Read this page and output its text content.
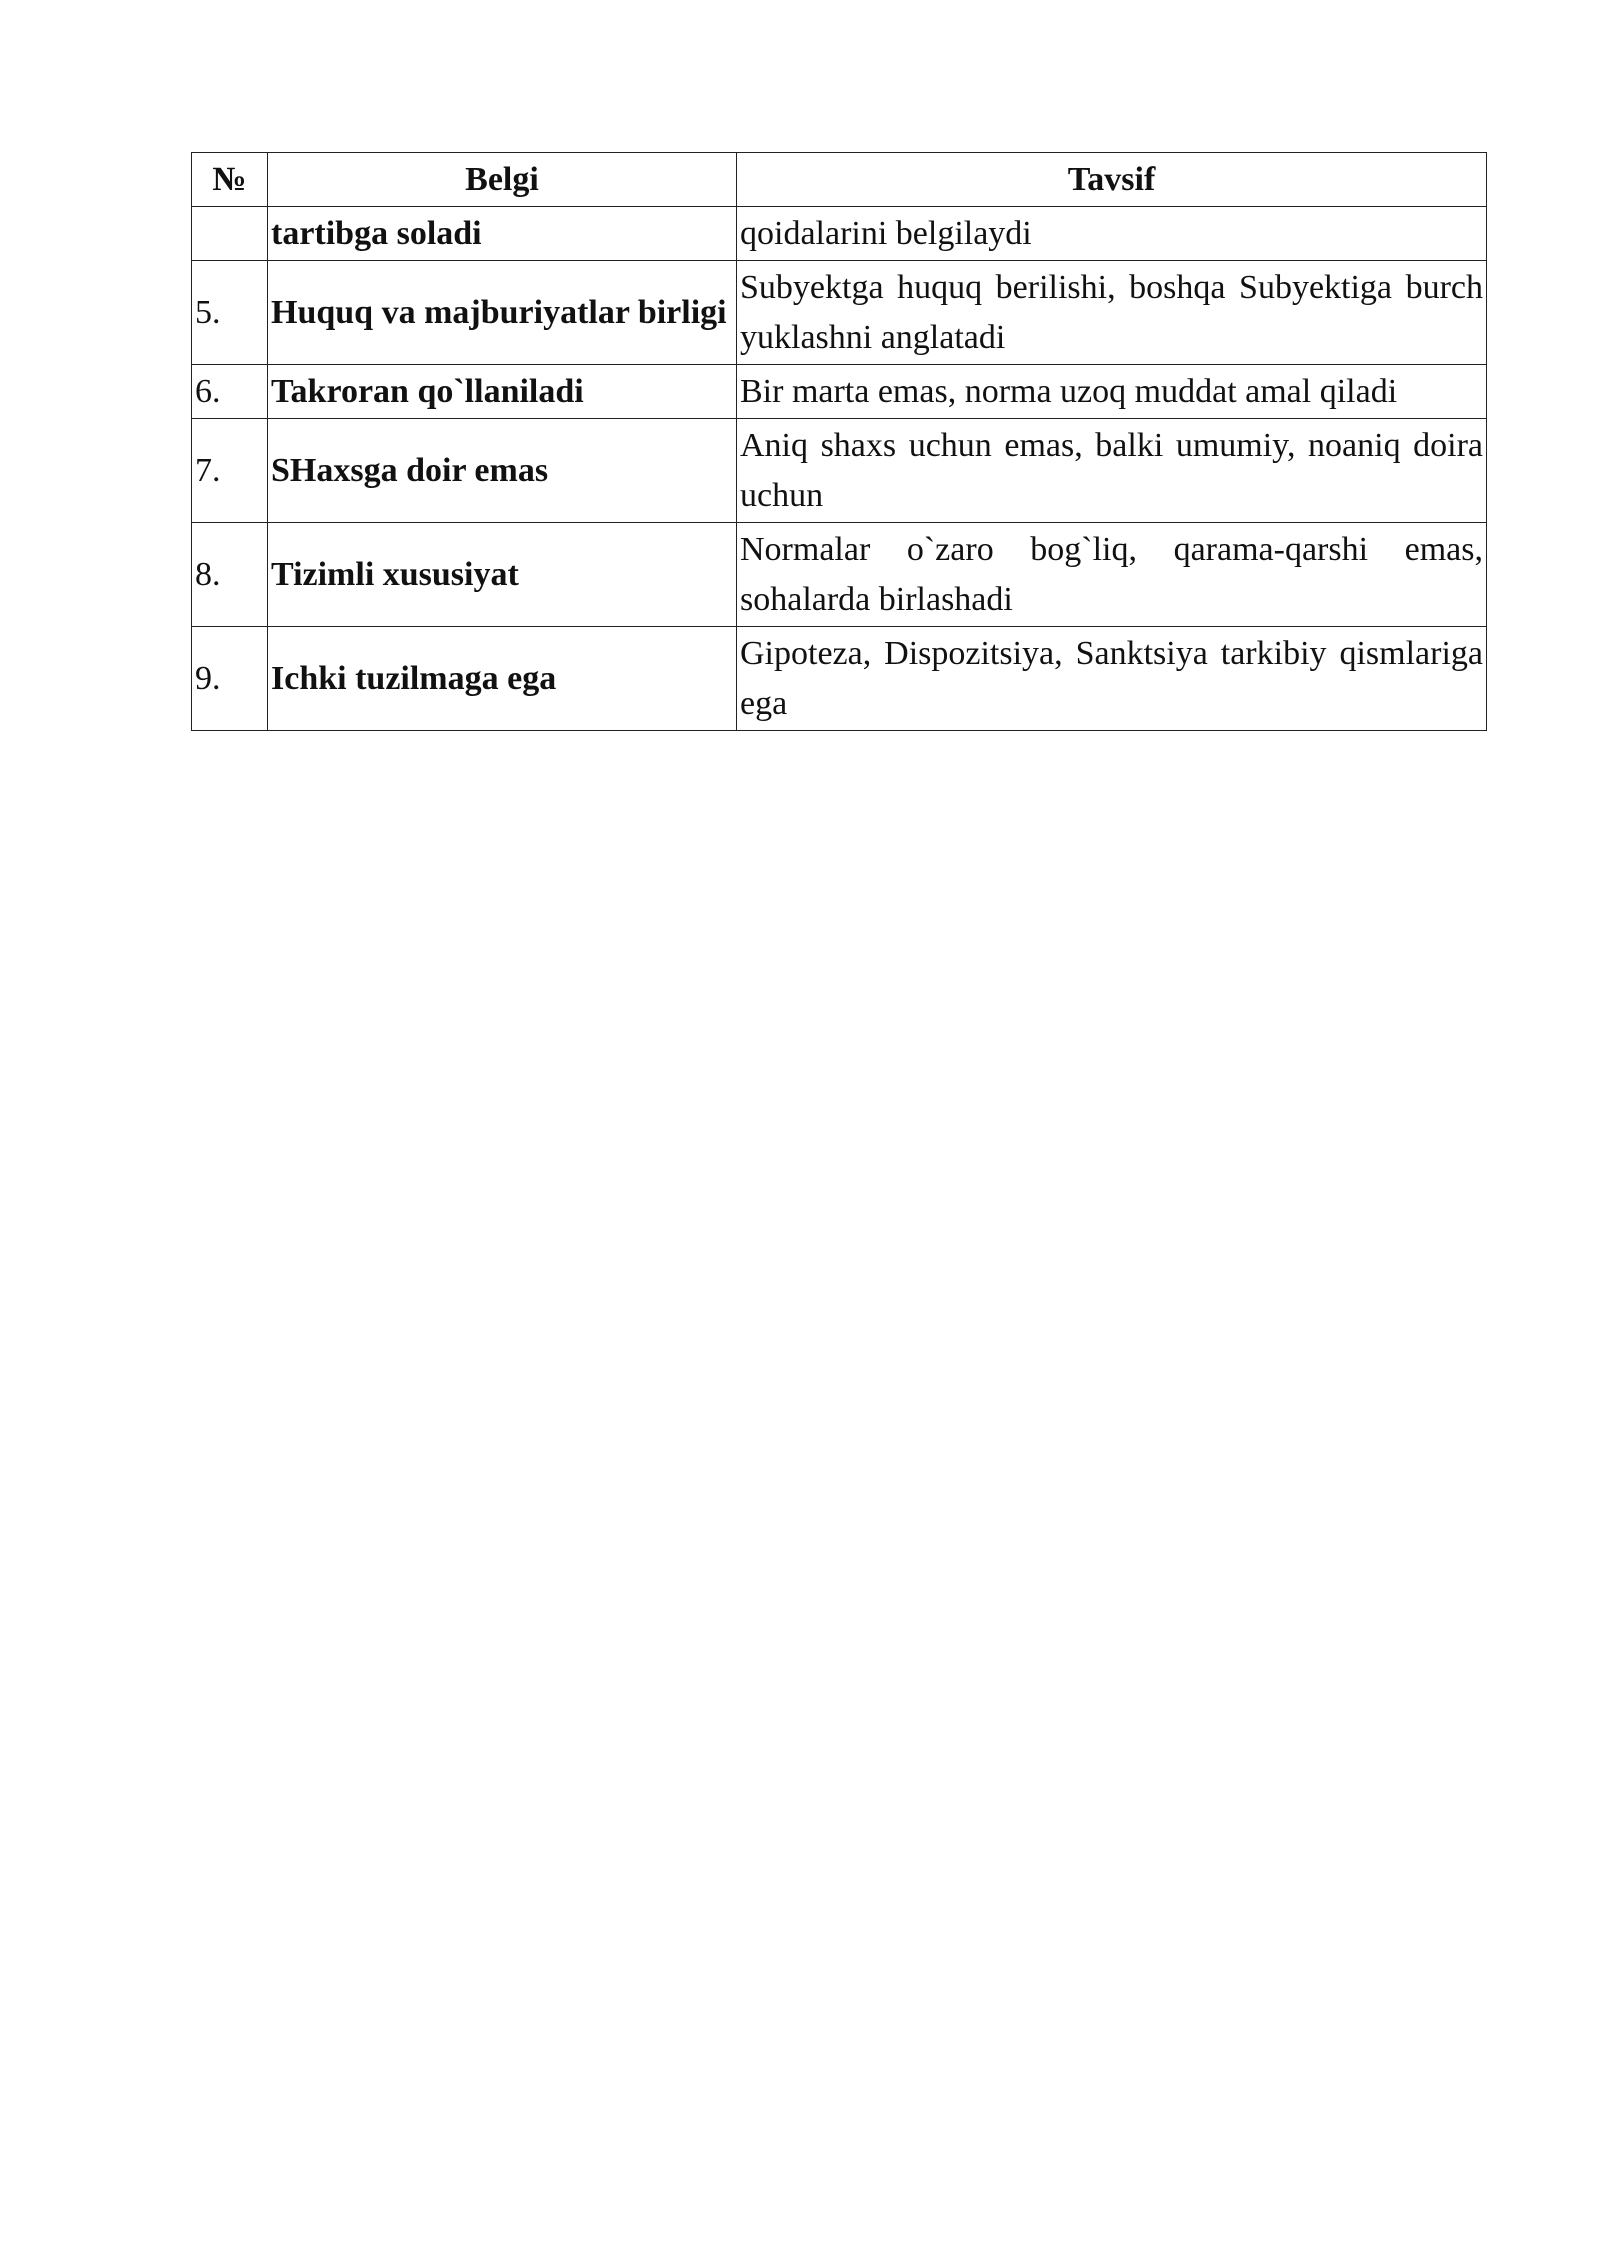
№	Belgi	Tavsif
	tartibga soladi	qoidalarini belgilaydi
5.	Huquq va majburiyatlar birligi	Subyektga huquq berilishi, boshqa Subyektiga burch yuklashni anglatadi
6.	Takroran qo`llaniladi	Bir marta emas, norma uzoq muddat amal qiladi
7.	SHaxsga doir emas	Aniq shaxs uchun emas, balki umumiy, noaniq doira uchun
8.	Tizimli xususiyat	Normalar o`zaro bog`liq, qarama-qarshi emas, sohalarda birlashadi
9.	Ichki tuzilmaga ega	Gipoteza, Dispozitsiya, Sanktsiya tarkibiy qismlariga ega
